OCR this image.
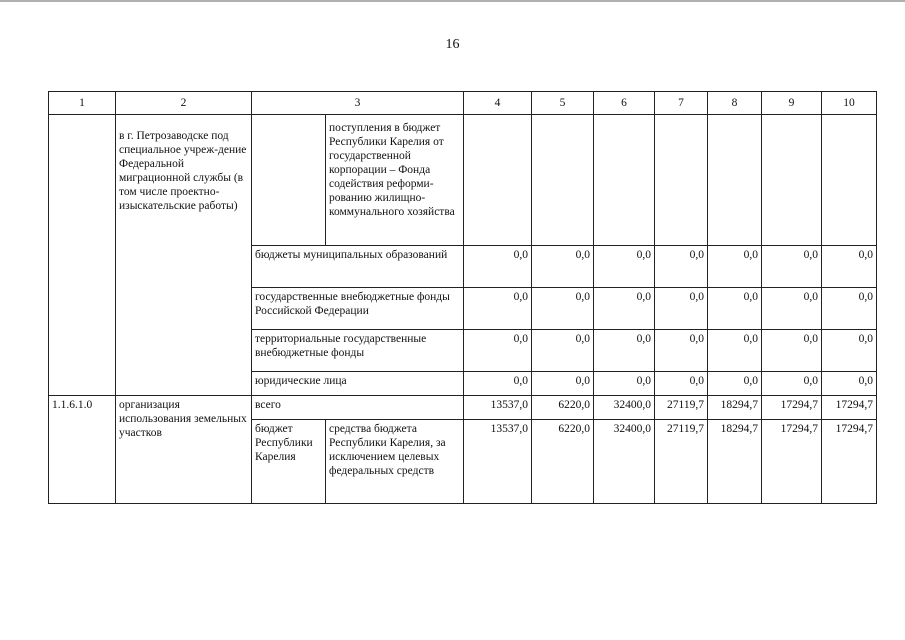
16
1	2	3		4	5	6	7	8	9	10
	в г. Петрозаводске под специальное учреж-дение Федеральной миграционной службы (в том числе проектно-изыскательские работы)		поступления в бюджет Республики Карелия от государственной корпорации – Фонда содействия реформи-рованию жилищно-коммунального хозяйства							
		бюджеты муниципальных образований		0,0	0,0	0,0	0,0	0,0	0,0	0,0
		государственные внебюджетные фонды Российской Федерации		0,0	0,0	0,0	0,0	0,0	0,0	0,0
		территориальные государственные внебюджетные фонды		0,0	0,0	0,0	0,0	0,0	0,0	0,0
		юридические лица		0,0	0,0	0,0	0,0	0,0	0,0	0,0
1.1.6.1.0	организация использования земельных участков	всего		13537,0	6220,0	32400,0	27119,7	18294,7	17294,7	17294,7
		бюджет Республики Карелия	средства бюджета Республики Карелия, за исключением целевых федеральных средств	13537,0	6220,0	32400,0	27119,7	18294,7	17294,7	17294,7
